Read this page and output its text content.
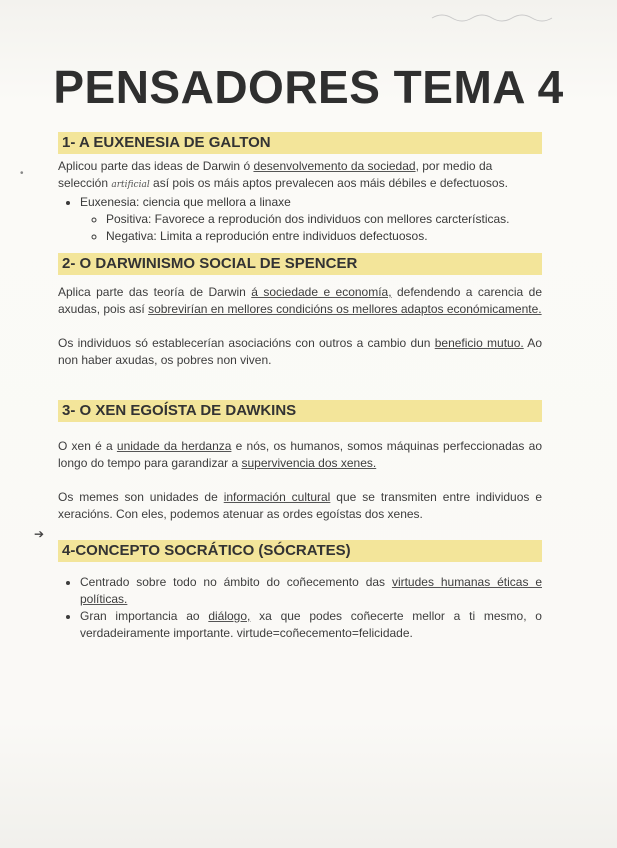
PENSADORES TEMA 4
•
1- A EUXENESIA DE GALTON

Aplicou parte das ideas de Darwin ó desenvolvemento da sociedad, por medio da
selección artificial así pois os máis aptos prevalecen aos máis débiles e defectuosos.

• Euxenesia: ciencia que mellora a linaxe
◦ Positiva: Favorece a reprodución dos individuos con mellores carcterísticas.
◦ Negativa: Limita a reprodución entre individuos defectuosos.
2- O DARWINISMO SOCIAL DE SPENCER

Aplica parte das teoría de Darwin á sociedade e economía, defendendo a carencia de axudas, pois así sobrevirían en mellores condicións os mellores adaptos económicamente.

Os individuos só establecerían asociacións con outros a cambio dun beneficio mutuo. Ao non haber axudas, os pobres non viven.

3- O XEN EGOÍSTA DE DAWKINS

O xen é a unidade da herdanza e nós, os humanos, somos máquinas perfeccionadas ao longo do tempo para garandizar a supervivencia dos xenes.

Os memes son unidades de información cultural que se transmiten entre individuos e xeracións. Con eles, podemos atenuar as ordes egoístas dos xenes.

➔
4-CONCEPTO SOCRÁTICO (SÓCRATES)
• Centrado sobre todo no ámbito do coñecemento das virtudes humanas éticas e políticas.
• Gran importancia ao diálogo, xa que podes coñecerte mellor a ti mesmo, o verdadeiramente importante. virtude=coñecemento=felicidade.
